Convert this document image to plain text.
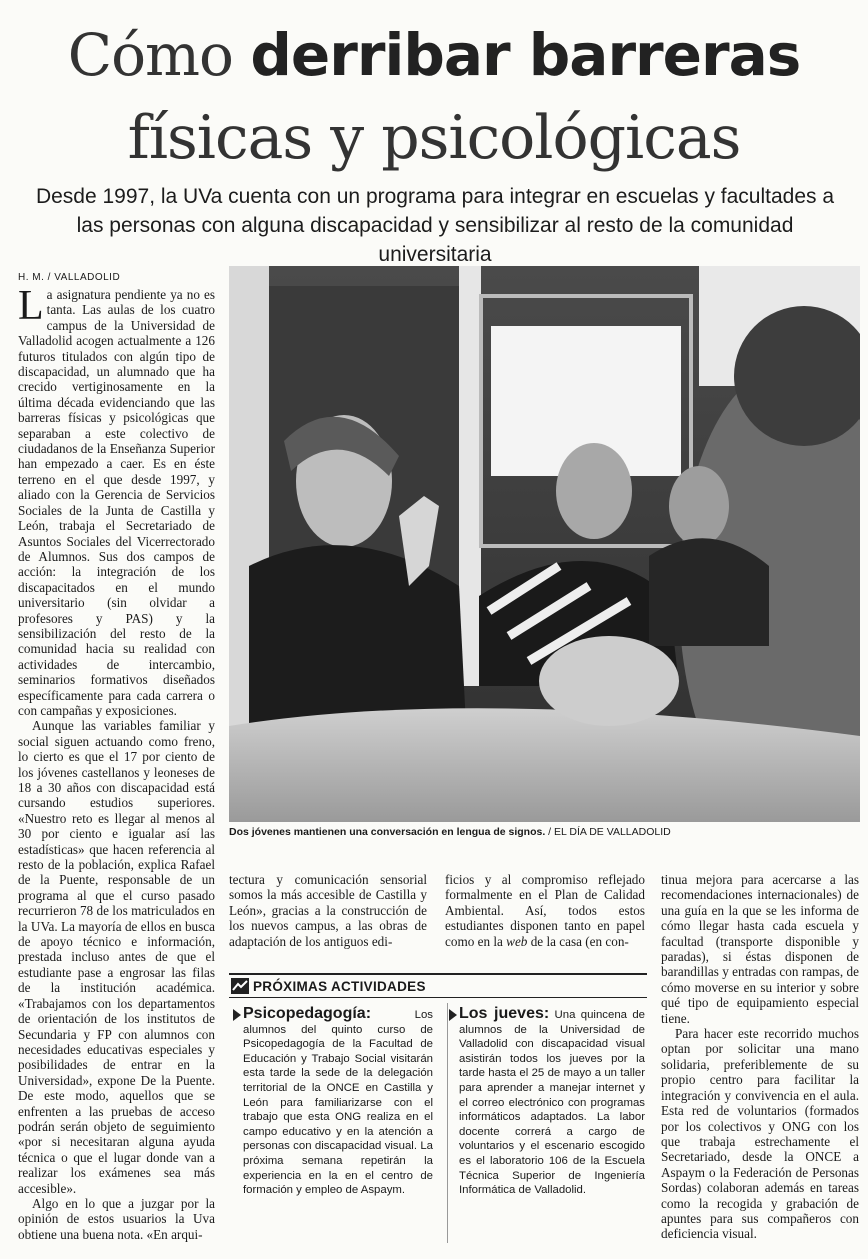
Cómo derribar barreras
físicas y psicológicas
Desde 1997, la UVa cuenta con un programa para integrar en escuelas y facultades a las personas con alguna discapacidad y sensibilizar al resto de la comunidad universitaria
H. M. / VALLADOLID

La asignatura pendiente ya no es tanta. Las aulas de los cuatro campus de la Universidad de Valladolid acogen actualmente a 126 futuros titulados con algún tipo de discapacidad, un alumnado que ha crecido vertiginosamente en la última década evidenciando que las barreras físicas y psicológicas que separaban a este colectivo de ciudadanos de la Enseñanza Superior han empezado a caer. Es en éste terreno en el que desde 1997, y aliado con la Gerencia de Servicios Sociales de la Junta de Castilla y León, trabaja el Secretariado de Asuntos Sociales del Vicerrectorado de Alumnos. Sus dos campos de acción: la integración de los discapacitados en el mundo universitario (sin olvidar a profesores y PAS) y la sensibilización del resto de la comunidad hacia su realidad con actividades de intercambio, seminarios formativos diseñados específicamente para cada carrera o con campañas y exposiciones.

Aunque las variables familiar y social siguen actuando como freno, lo cierto es que el 17 por ciento de los jóvenes castellanos y leoneses de 18 a 30 años con discapacidad está cursando estudios superiores. «Nuestro reto es llegar al menos al 30 por ciento e igualar así las estadísticas» que hacen referencia al resto de la población, explica Rafael de la Puente, responsable de un programa al que el curso pasado recurrieron 78 de los matriculados en la UVa. La mayoría de ellos en busca de apoyo técnico e información, prestada incluso antes de que el estudiante pase a engrosar las filas de la institución académica. «Trabajamos con los departamentos de orientación de los institutos de Secundaria y FP con alumnos con necesidades educativas especiales y posibilidades de entrar en la Universidad», expone De la Puente. De este modo, aquellos que se enfrenten a las pruebas de acceso podrán serán objeto de seguimiento «por si necesitaran alguna ayuda técnica o que el lugar donde van a realizar los exámenes sea más accesible».

Algo en lo que a juzgar por la opinión de estos usuarios la Uva obtiene una buena nota. «En arqui-

Dos jóvenes mantienen una conversación en lengua de signos. / EL DÍA DE VALLADOLID

tectura y comunicación sensorial somos la más accesible de Castilla y León», gracias a la construcción de los nuevos campus, a las obras de adaptación de los antiguos edi-

ficios y al compromiso reflejado formalmente en el Plan de Calidad Ambiental. Así, todos estos estudiantes disponen tanto en papel como en la web de la casa (en con-

tinua mejora para acercarse a las recomendaciones internacionales) de una guía en la que se les informa de cómo llegar hasta cada escuela y facultad (transporte disponible y paradas), si éstas disponen de barandillas y entradas con rampas, de cómo moverse en su interior y sobre qué tipo de equipamiento especial tiene.

Para hacer este recorrido muchos optan por solicitar una mano solidaria, preferiblemente de su propio centro para facilitar la integración y convivencia en el aula. Esta red de voluntarios (formados por los colectivos y ONG con los que trabaja estrechamente el Secretariado, desde la ONCE a Aspaym o la Federación de Personas Sordas) colaboran además en tareas como la recogida y grabación de apuntes para sus compañeros con deficiencia visual.

PRÓXIMAS ACTIVIDADES
Psicopedagogía: Los alumnos del quinto curso de Psicopedagogía de la Facultad de Educación y Trabajo Social visitarán esta tarde la sede de la delegación territorial de la ONCE en Castilla y León para familiarizarse con el trabajo que esta ONG realiza en el campo educativo y en la atención a personas con discapacidad visual. La próxima semana repetirán la experiencia en la en el centro de formación y empleo de Aspaym.
Los jueves: Una quincena de alumnos de la Universidad de Valladolid con discapacidad visual asistirán todos los jueves por la tarde hasta el 25 de mayo a un taller para aprender a manejar internet y el correo electrónico con programas informáticos adaptados. La labor docente correrá a cargo de voluntarios y el escenario escogido es el laboratorio 106 de la Escuela Técnica Superior de Ingeniería Informática de Valladolid.
